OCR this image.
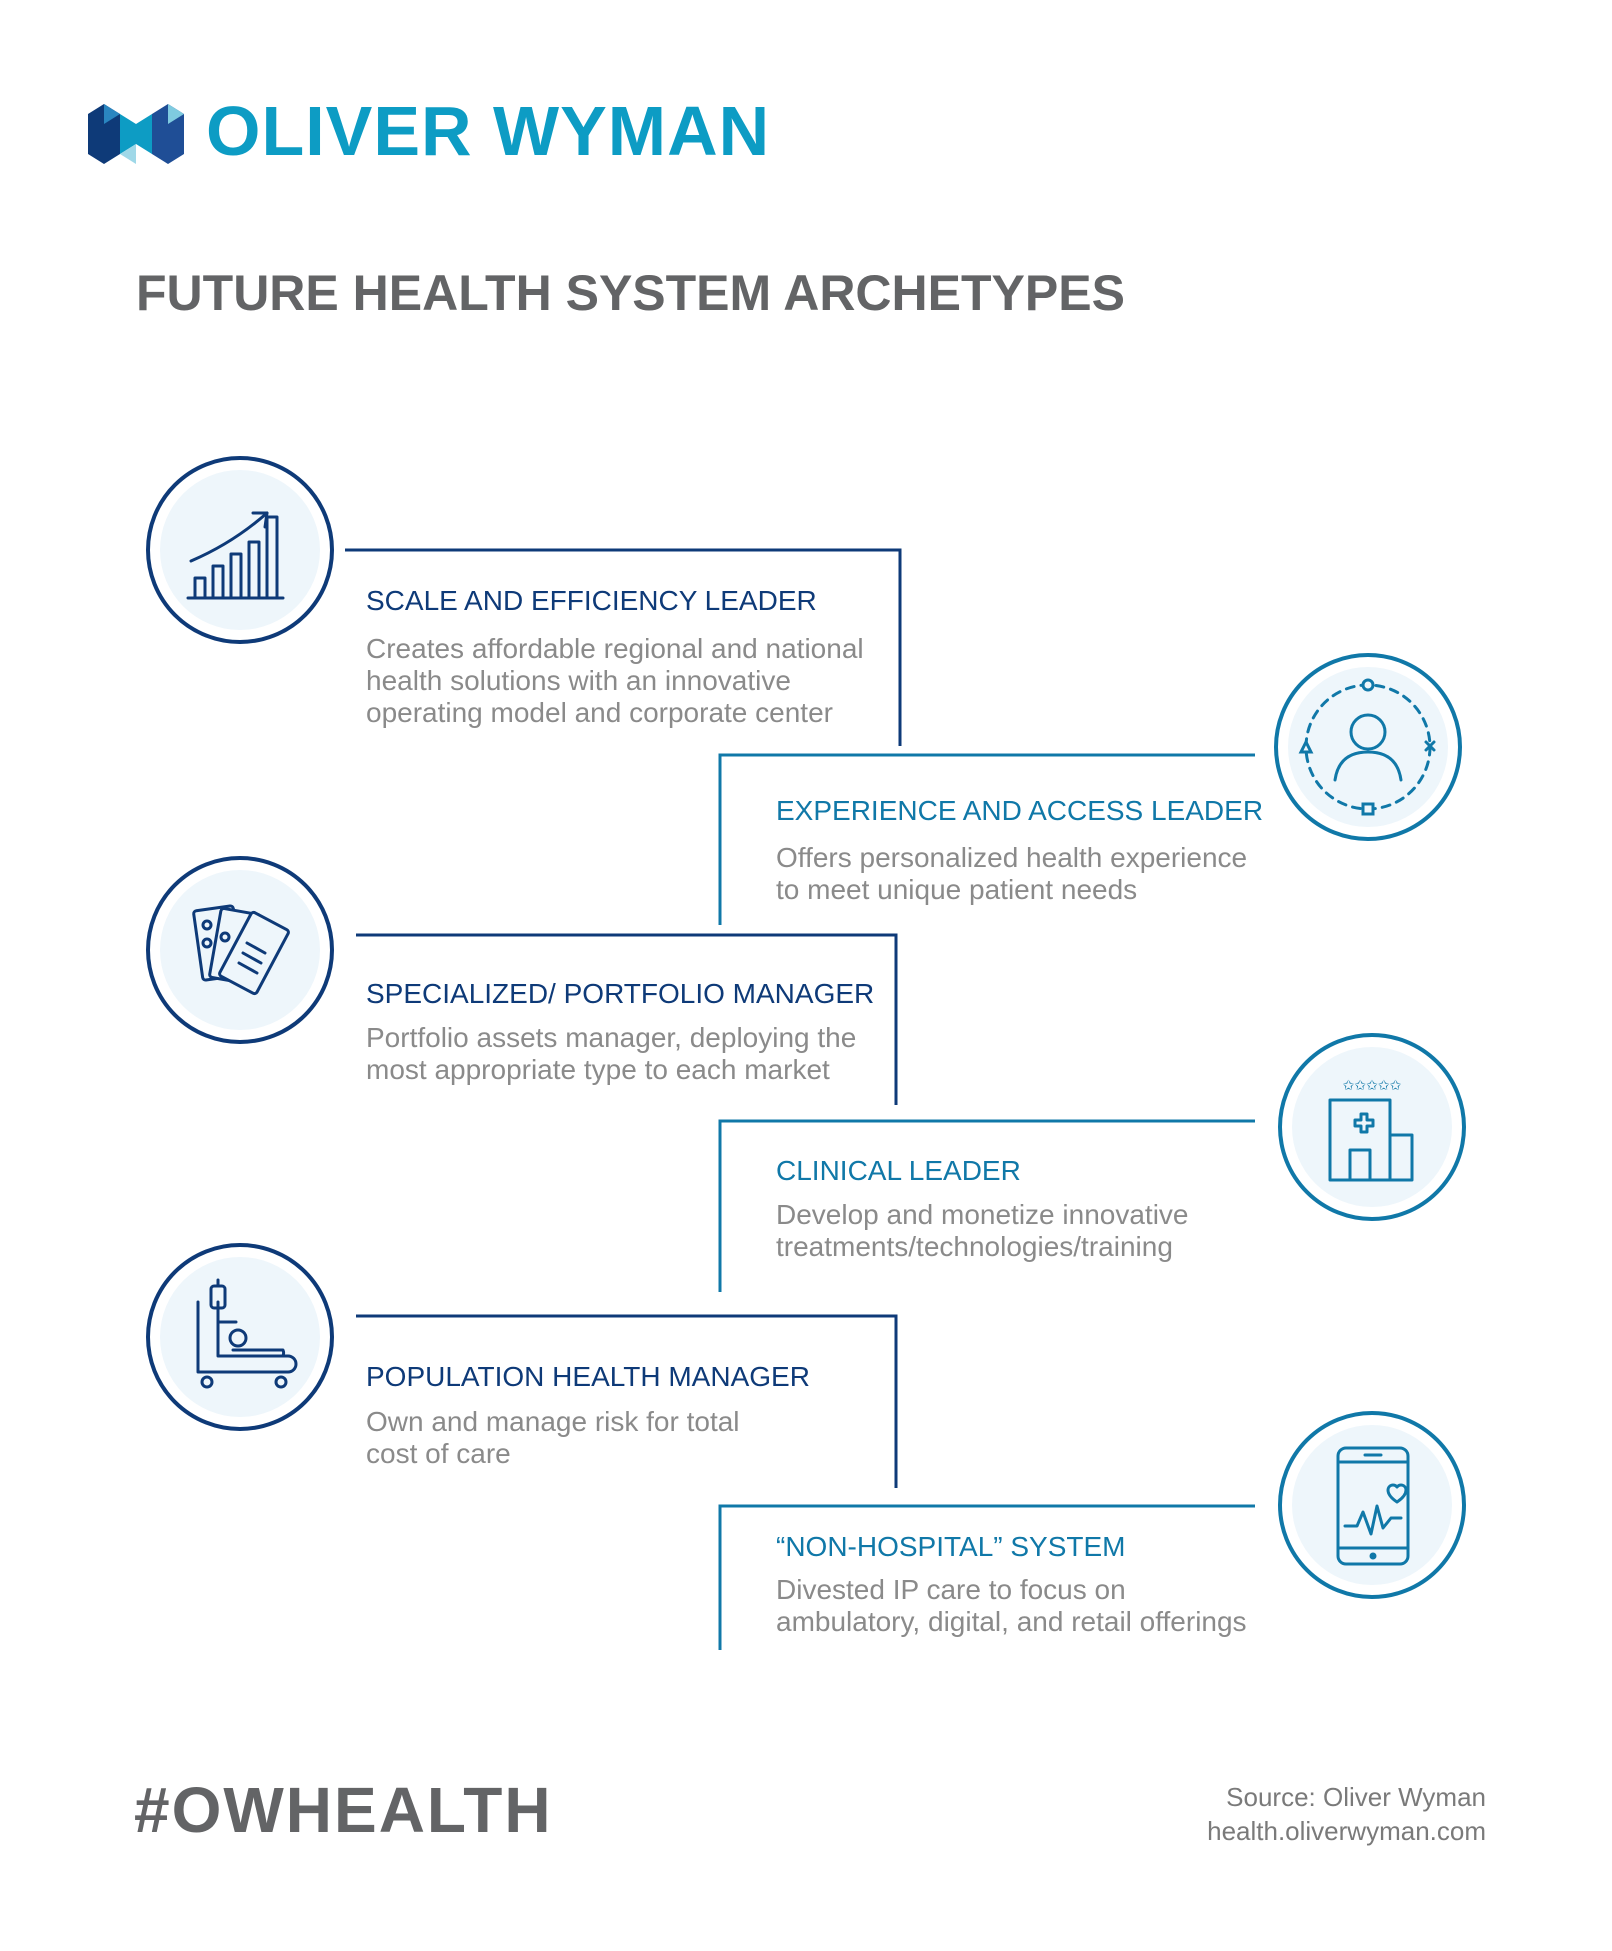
OLIVER WYMAN
FUTURE HEALTH SYSTEM ARCHETYPES
✩✩✩✩✩
SCALE AND EFFICIENCY LEADER
Creates affordable regional and national
health solutions with an innovative
operating model and corporate center
EXPERIENCE AND ACCESS LEADER
Offers personalized health experience
to meet unique patient needs
SPECIALIZED/ PORTFOLIO MANAGER
Portfolio assets manager, deploying the
most appropriate type to each market
CLINICAL LEADER
Develop and monetize innovative
treatments/technologies/training
POPULATION HEALTH MANAGER
Own and manage risk for total
cost of care
“NON-HOSPITAL” SYSTEM
Divested IP care to focus on
ambulatory, digital, and retail offerings
#OWHEALTH	Source: Oliver Wyman
health.oliverwyman.com
